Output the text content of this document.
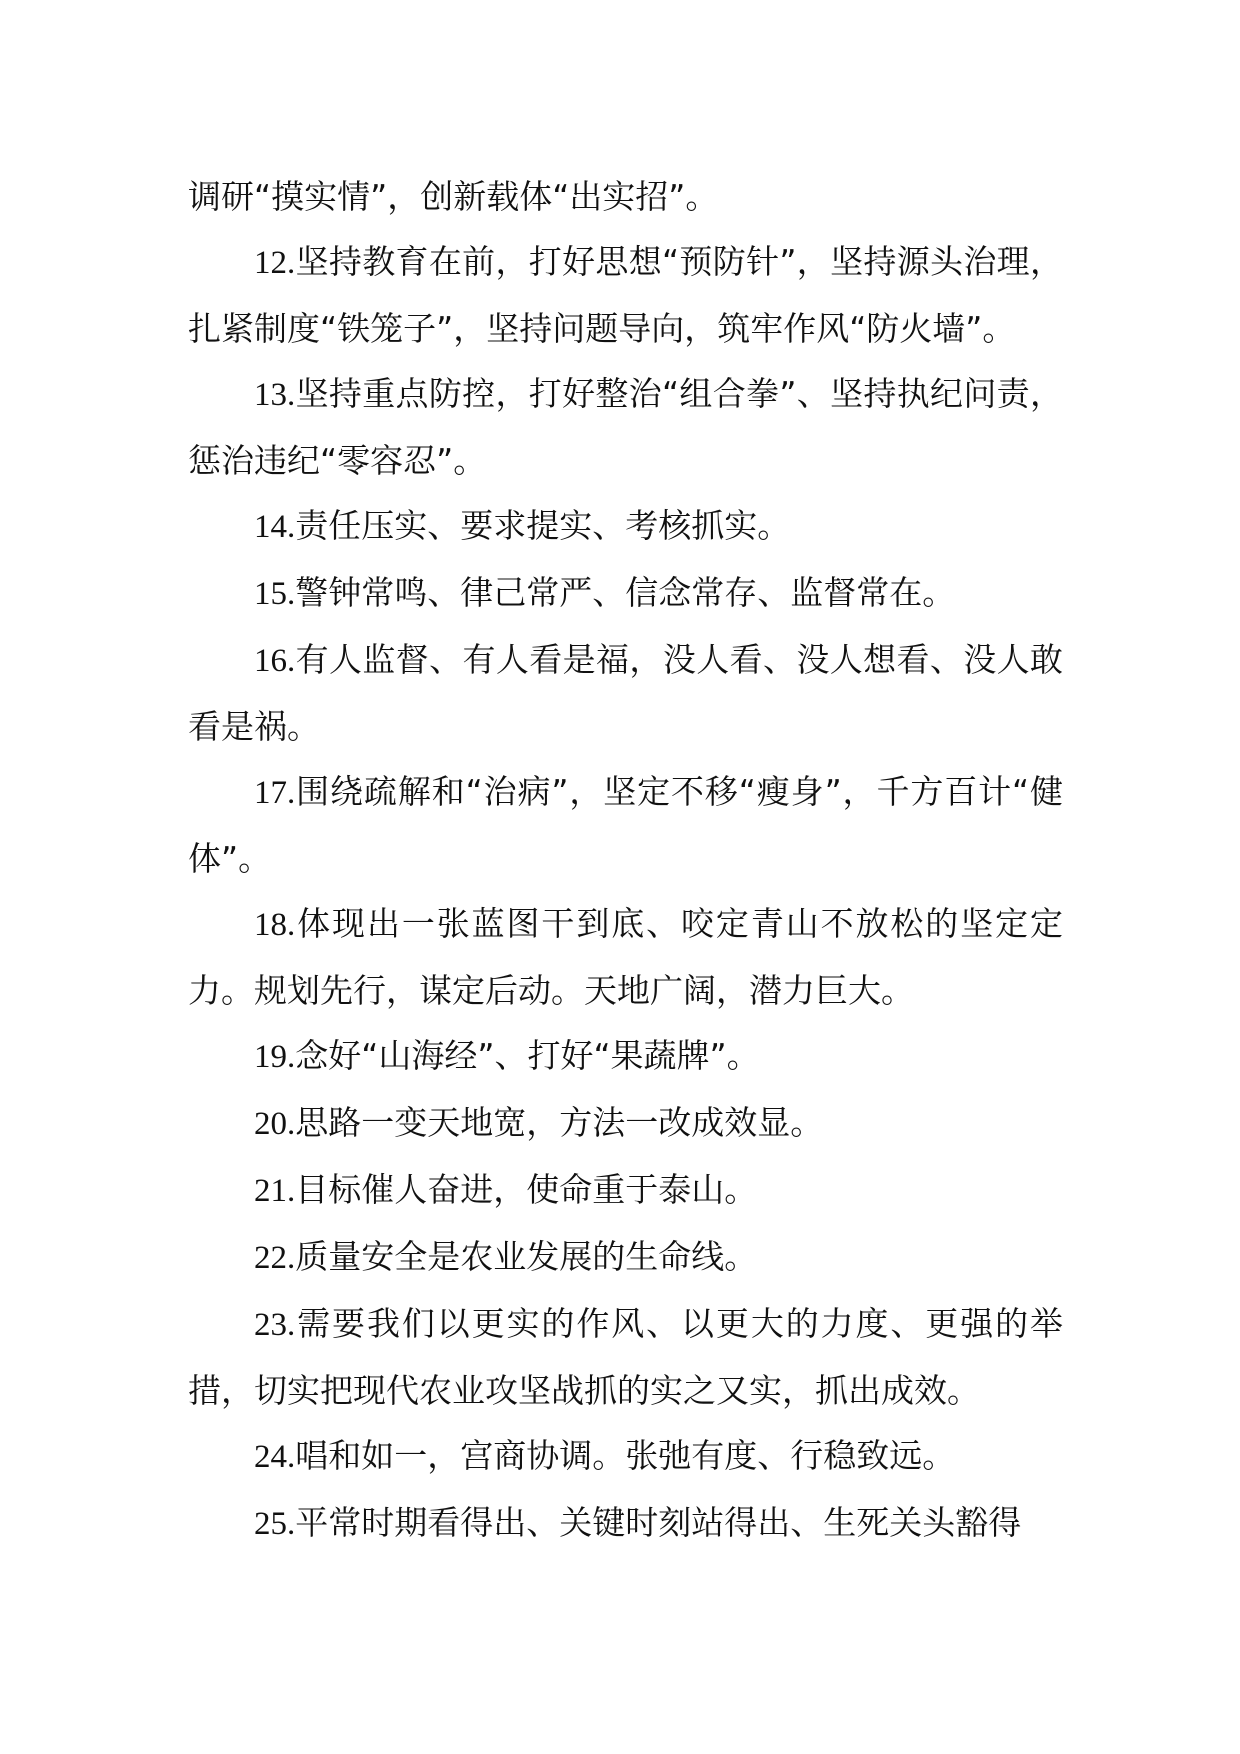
调研“摸实情”，创新载体“出实招”。

12.坚持教育在前，打好思想“预防针”，坚持源头治理，扎紧制度“铁笼子”，坚持问题导向，筑牢作风“防火墙”。

13.坚持重点防控，打好整治“组合拳”、坚持执纪问责，惩治违纪“零容忍”。

14.责任压实、要求提实、考核抓实。

15.警钟常鸣、律己常严、信念常存、监督常在。

16.有人监督、有人看是福，没人看、没人想看、没人敢看是祸。

17.围绕疏解和“治病”，坚定不移“瘦身”，千方百计“健体”。

18.体现出一张蓝图干到底、咬定青山不放松的坚定定力。规划先行，谋定后动。天地广阔，潜力巨大。

19.念好“山海经”、打好“果蔬牌”。

20.思路一变天地宽，方法一改成效显。

21.目标催人奋进，使命重于泰山。

22.质量安全是农业发展的生命线。

23.需要我们以更实的作风、以更大的力度、更强的举措，切实把现代农业攻坚战抓的实之又实，抓出成效。

24.唱和如一，宫商协调。张弛有度、行稳致远。

25.平常时期看得出、关键时刻站得出、生死关头豁得
